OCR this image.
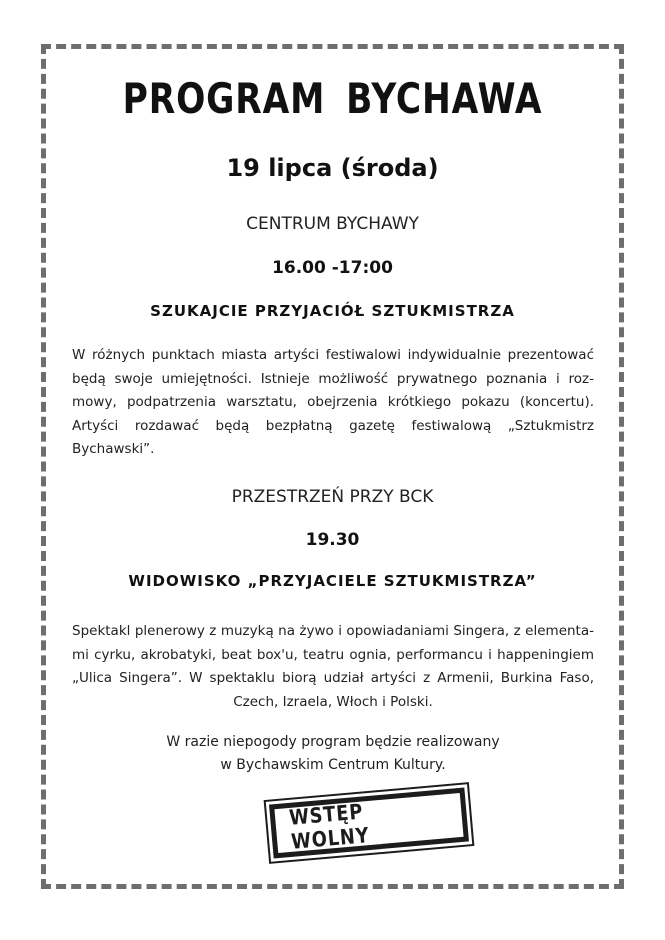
PROGRAM BYCHAWA
19 lipca (środa)
CENTRUM BYCHAWY
16.00 -17:00
SZUKAJCIE PRZYJACIÓŁ SZTUKMISTRZA
W różnych punktach miasta artyści festiwalowi indywidualnie prezentować
będą swoje umiejętności. Istnieje możliwość prywatnego poznania i roz-
mowy, podpatrzenia warsztatu, obejrzenia krótkiego pokazu (koncertu).
Artyści rozdawać będą bezpłatną gazetę festiwalową „Sztukmistrz Bychawski”.
PRZESTRZEŃ PRZY BCK
19.30
WIDOWISKO „PRZYJACIELE SZTUKMISTRZA”
Spektakl plenerowy z muzyką na żywo i opowiadaniami Singera, z elementa-
mi cyrku, akrobatyki, beat box'u, teatru ognia, performancu i happeningiem
„Ulica Singera”. W spektaklu biorą udział artyści z Armenii, Burkina Faso,
Czech, Izraela, Włoch i Polski.
W razie niepogody program będzie realizowany
w Bychawskim Centrum Kultury.
WSTĘP WOLNY
